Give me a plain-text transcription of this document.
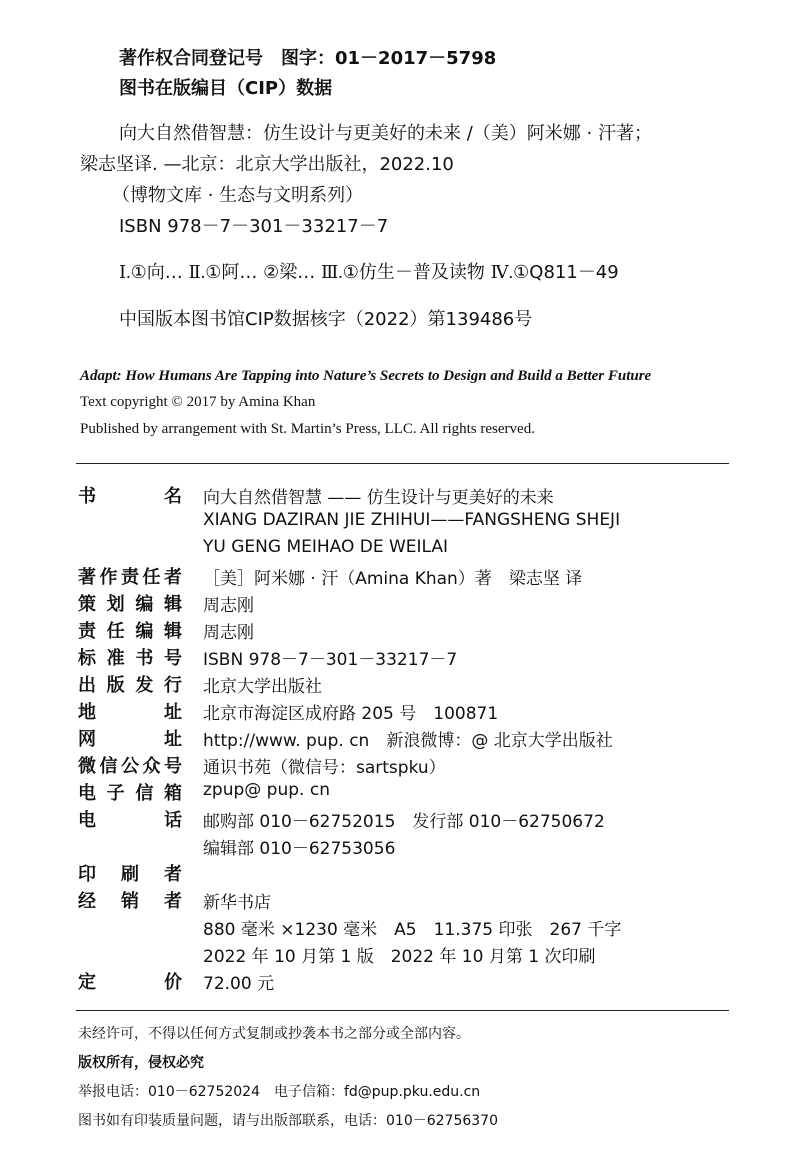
著作权合同登记号　图字：01－2017－5798
图书在版编目（CIP）数据
向大自然借智慧：仿生设计与更美好的未来 /（美）阿米娜 · 汗著；
梁志坚译. —北京：北京大学出版社，2022.10
（博物文库 · 生态与文明系列）
ISBN 978－7－301－33217－7
Ⅰ.①向… Ⅱ.①阿… ②梁… Ⅲ.①仿生－普及读物 Ⅳ.①Q811－49
中国版本图书馆CIP数据核字（2022）第139486号
Adapt: How Humans Are Tapping into Nature’s Secrets to Design and Build a Better Future
Text copyright © 2017 by Amina Khan
Published by arrangement with St. Martin’s Press, LLC. All rights reserved.
书　　名 向大自然借智慧 —— 仿生设计与更美好的未来
XIANG DAZIRAN JIE ZHIHUI——FANGSHENG SHEJI
YU GENG MEIHAO DE WEILAI
著作责任者 ［美］阿米娜 · 汗（Amina Khan）著　梁志坚 译
策划编辑 周志刚
责任编辑 周志刚
标准书号 ISBN 978－7－301－33217－7
出版发行 北京大学出版社
地　　址 北京市海淀区成府路 205 号　100871
网　　址 http://www. pup. cn　新浪微博：@ 北京大学出版社
微信公众号 通识书苑（微信号：sartspku）
电子信箱 zpup@ pup. cn
电　　话 邮购部 010－62752015　发行部 010－62750672
编辑部 010－62753056
印　刷　者
经　销　者 新华书店
880 毫米 ×1230 毫米　A5　11.375 印张　267 千字
2022 年 10 月第 1 版　2022 年 10 月第 1 次印刷
定　　价 72.00 元
未经许可，不得以任何方式复制或抄袭本书之部分或全部内容。
版权所有，侵权必究
举报电话：010－62752024　电子信箱：fd@pup.pku.edu.cn
图书如有印装质量问题，请与出版部联系，电话：010－62756370
